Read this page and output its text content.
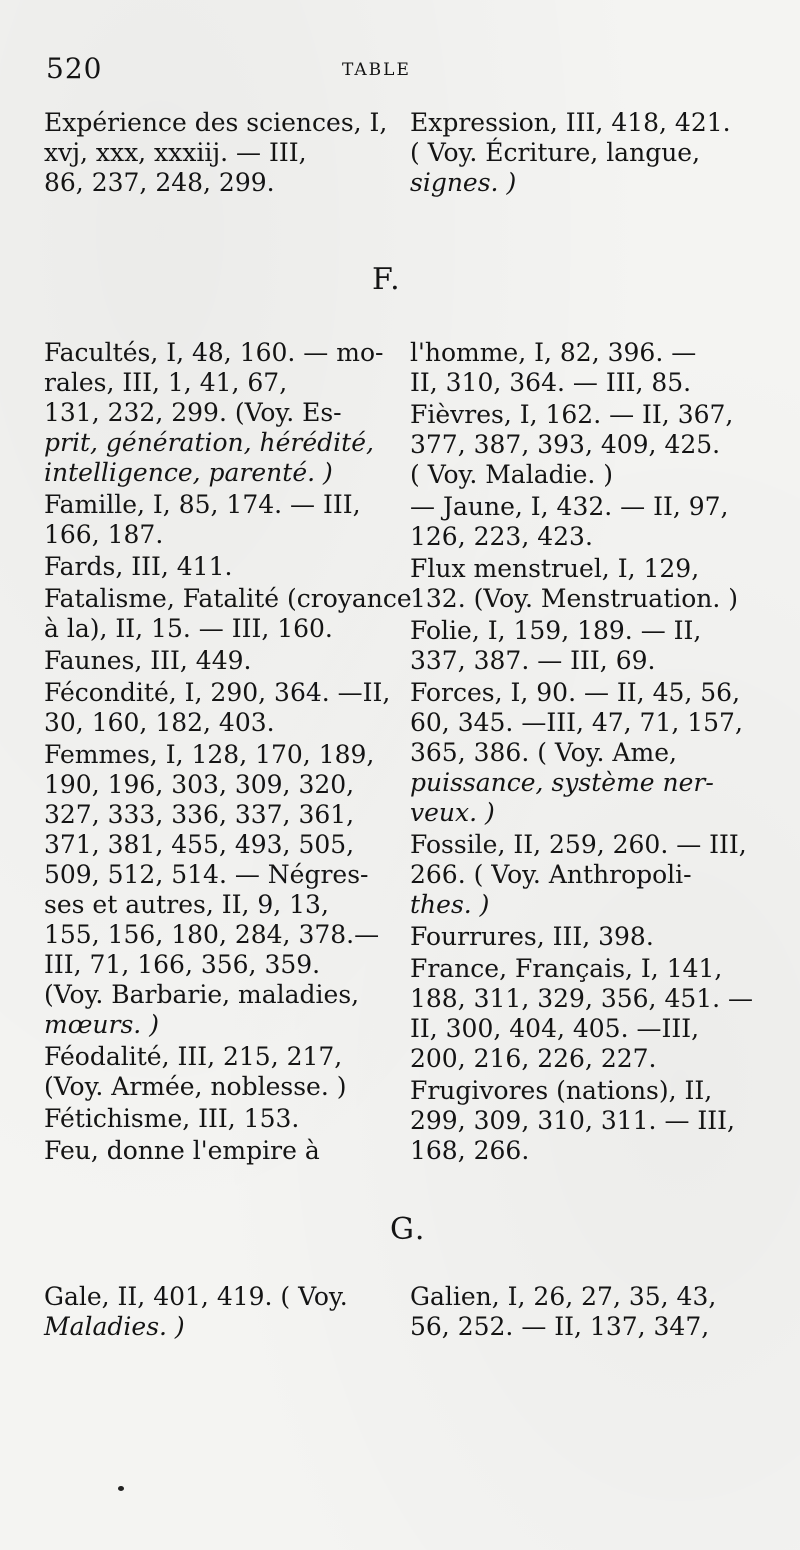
520	TABLE
Expérience des sciences, I,
xvj, xxx, xxxiij. — III,
86, 237, 248, 299.
Expression, III, 418, 421.
( Voy. Écriture, langue,
signes. )
F.
Facultés, I, 48, 160. — mo-
rales, III, 1, 41, 67,
131, 232, 299. (Voy. Es-
prit, génération, hérédité,
intelligence, parenté. )
Famille, I, 85, 174. — III,
166, 187.
Fards, III, 411.
Fatalisme, Fatalité (croyance
à la), II, 15. — III, 160.
Faunes, III, 449.
Fécondité, I, 290, 364. —II,
30, 160, 182, 403.
Femmes, I, 128, 170, 189,
190, 196, 303, 309, 320,
327, 333, 336, 337, 361,
371, 381, 455, 493, 505,
509, 512, 514. — Négres-
ses et autres, II, 9, 13,
155, 156, 180, 284, 378.—
III, 71, 166, 356, 359.
(Voy. Barbarie, maladies,
mœurs. )
Féodalité, III, 215, 217,
(Voy. Armée, noblesse. )
Fétichisme, III, 153.
Feu, donne l'empire à
l'homme, I, 82, 396. —
II, 310, 364. — III, 85.
Fièvres, I, 162. — II, 367,
377, 387, 393, 409, 425.
( Voy. Maladie. )
— Jaune, I, 432. — II, 97,
126, 223, 423.
Flux menstruel, I, 129,
132. (Voy. Menstruation. )
Folie, I, 159, 189. — II,
337, 387. — III, 69.
Forces, I, 90. — II, 45, 56,
60, 345. —III, 47, 71, 157,
365, 386. ( Voy. Ame,
puissance, système ner-
veux. )
Fossile, II, 259, 260. — III,
266. ( Voy. Anthropoli-
thes. )
Fourrures, III, 398.
France, Français, I, 141,
188, 311, 329, 356, 451. —
II, 300, 404, 405. —III,
200, 216, 226, 227.
Frugivores (nations), II,
299, 309, 310, 311. — III,
168, 266.
G.
Gale, II, 401, 419. ( Voy.
Maladies. )
Galien, I, 26, 27, 35, 43,
56, 252. — II, 137, 347,
